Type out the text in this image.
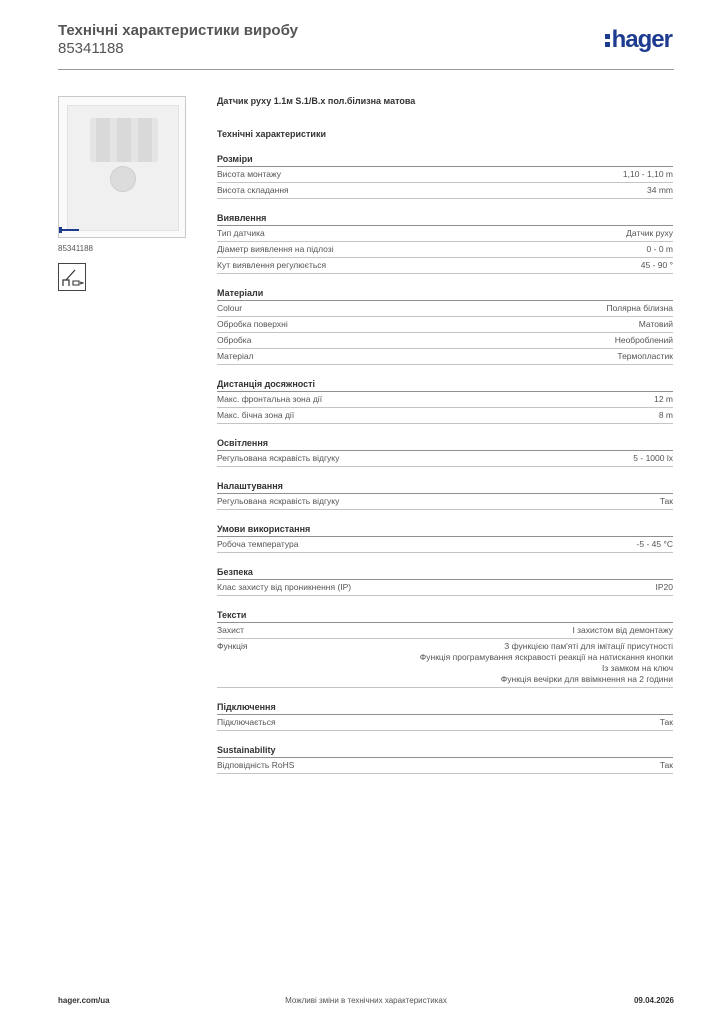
Технічні характеристики виробу
85341188	hager
85341188
Датчик руху 1.1м S.1/B.x пол.білизна матова
Технічні характеристики
Розміри
Висота монтажу	1,10 - 1,10 m
Висота складання	34 mm
Виявлення
Тип датчика	Датчик руху
Діаметр виявлення на підлозі	0 - 0 m
Кут виявлення регулюється	45 - 90 °
Матеріали
Colour	Полярна білизна
Обробка поверхні	Матовий
Обробка	Необроблений
Матеріал	Термопластик
Дистанція досяжності
Макс. фронтальна зона дії	12 m
Макс. бічна зона дії	8 m
Освітлення
Регульована яскравість відгуку	5 - 1000 lx
Налаштування
Регульована яскравість відгуку	Так
Умови використання
Робоча температура	-5 - 45 °C
Безпека
Клас захисту від проникнення (IP)	IP20
Тексти
Захист	І захистом від демонтажу
Функція	З функцією пам'яті для імітації присутності
Функція програмування яскравості реакції на натискання кнопки
Із замком на ключ
Функція вечірки для ввімкнення на 2 години
Підключення
Підключається	Так
Sustainability
Відповідність RoHS	Так
Можливі зміни в технічних характеристиках
hager.com/ua	09.04.2026
